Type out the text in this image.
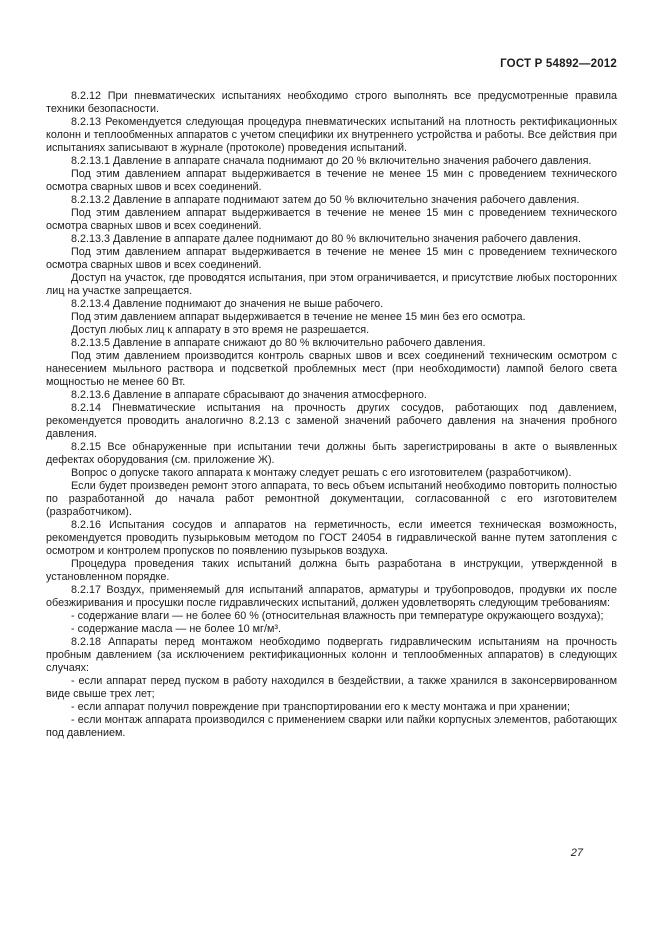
ГОСТ Р 54892—2012

8.2.12 При пневматических испытаниях необходимо строго выполнять все предусмотренные правила техники безопасности.

8.2.13 Рекомендуется следующая процедура пневматических испытаний на плотность ректификационных колонн и теплообменных аппаратов с учетом специфики их внутреннего устройства и работы. Все действия при испытаниях записывают в журнале (протоколе) проведения испытаний.

8.2.13.1 Давление в аппарате сначала поднимают до 20 % включительно значения рабочего давления.

Под этим давлением аппарат выдерживается в течение не менее 15 мин с проведением технического осмотра сварных швов и всех соединений.

8.2.13.2 Давление в аппарате поднимают затем до 50 % включительно значения рабочего давления.

Под этим давлением аппарат выдерживается в течение не менее 15 мин с проведением технического осмотра сварных швов и всех соединений.

8.2.13.3 Давление в аппарате далее поднимают до 80 % включительно значения рабочего давления.

Под этим давлением аппарат выдерживается в течение не менее 15 мин с проведением технического осмотра сварных швов и всех соединений.

Доступ на участок, где проводятся испытания, при этом ограничивается, и присутствие любых посторонних лиц на участке запрещается.

8.2.13.4 Давление поднимают до значения не выше рабочего.

Под этим давлением аппарат выдерживается в течение не менее 15 мин без его осмотра.

Доступ любых лиц к аппарату в это время не разрешается.

8.2.13.5 Давление в аппарате снижают до 80 % включительно рабочего давления.

Под этим давлением производится контроль сварных швов и всех соединений техническим осмотром с нанесением мыльного раствора и подсветкой проблемных мест (при необходимости) лампой белого света мощностью не менее 60 Вт.

8.2.13.6 Давление в аппарате сбрасывают до значения атмосферного.

8.2.14 Пневматические испытания на прочность других сосудов, работающих под давлением, рекомендуется проводить аналогично 8.2.13 с заменой значений рабочего давления на значения пробного давления.

8.2.15 Все обнаруженные при испытании течи должны быть зарегистрированы в акте о выявленных дефектах оборудования (см. приложение Ж).

Вопрос о допуске такого аппарата к монтажу следует решать с его изготовителем (разработчиком).

Если будет произведен ремонт этого аппарата, то весь объем испытаний необходимо повторить полностью по разработанной до начала работ ремонтной документации, согласованной с его изготовителем (разработчиком).

8.2.16 Испытания сосудов и аппаратов на герметичность, если имеется техническая возможность, рекомендуется проводить пузырьковым методом по ГОСТ 24054 в гидравлической ванне путем затопления с осмотром и контролем пропусков по появлению пузырьков воздуха.

Процедура проведения таких испытаний должна быть разработана в инструкции, утвержденной в установленном порядке.

8.2.17 Воздух, применяемый для испытаний аппаратов, арматуры и трубопроводов, продувки их после обезжиривания и просушки после гидравлических испытаний, должен удовлетворять следующим требованиям:

- содержание влаги — не более 60 % (относительная влажность при температуре окружающего воздуха);

- содержание масла — не более 10 мг/м³.

8.2.18 Аппараты перед монтажом необходимо подвергать гидравлическим испытаниям на прочность пробным давлением (за исключением ректификационных колонн и теплообменных аппаратов) в следующих случаях:

- если аппарат перед пуском в работу находился в бездействии, а также хранился в законсервированном виде свыше трех лет;

- если аппарат получил повреждение при транспортировании его к месту монтажа и при хранении;

- если монтаж аппарата производился с применением сварки или пайки корпусных элементов, работающих под давлением.

27
